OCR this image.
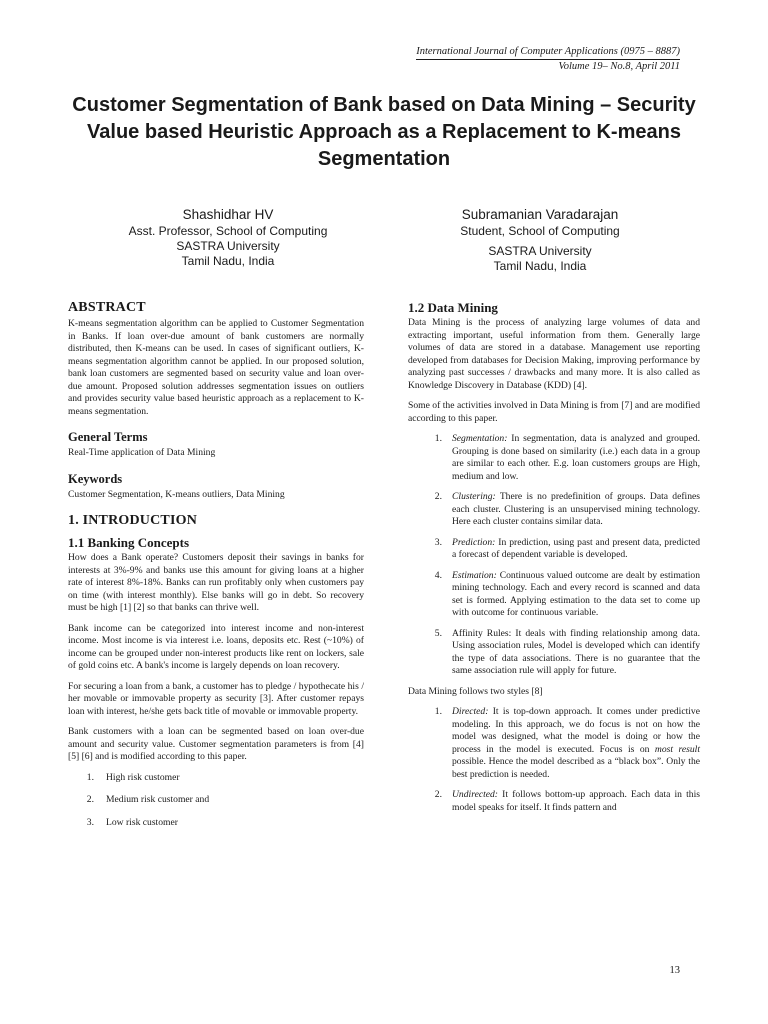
International Journal of Computer Applications (0975 – 8887)
Volume 19– No.8, April 2011
Customer Segmentation of Bank based on Data Mining – Security Value based Heuristic Approach as a Replacement to K-means Segmentation
Shashidhar HV
Asst. Professor, School of Computing
SASTRA University
Tamil Nadu, India
Subramanian Varadarajan
Student, School of Computing
SASTRA University
Tamil Nadu, India
ABSTRACT

K-means segmentation algorithm can be applied to Customer Segmentation in Banks. If loan over-due amount of bank customers are normally distributed, then K-means can be used. In cases of significant outliers, K-means segmentation algorithm cannot be applied. In our proposed solution, bank loan customers are segmented based on security value and loan over-due amount. Proposed solution addresses segmentation issues on outliers and provides security value based heuristic approach as a replacement to K-means segmentation.

General Terms

Real-Time application of Data Mining

Keywords

Customer Segmentation, K-means outliers, Data Mining

1. INTRODUCTION
1.1 Banking Concepts

How does a Bank operate? Customers deposit their savings in banks for interests at 3%-9% and banks use this amount for giving loans at a higher rate of interest 8%-18%. Banks can run profitably only when customers pay on time (with interest monthly). Else banks will go in debt. So recovery must be high [1] [2] so that banks can thrive well.

Bank income can be categorized into interest income and non-interest income. Most income is via interest i.e. loans, deposits etc. Rest (~10%) of income can be grouped under non-interest products like rent on lockers, sale of gold coins etc. A bank's income is largely depends on loan recovery.

For securing a loan from a bank, a customer has to pledge / hypothecate his / her movable or immovable property as security [3]. After customer repays loan with interest, he/she gets back title of movable or immovable property.

Bank customers with a loan can be segmented based on loan over-due amount and security value. Customer segmentation parameters is from [4] [5] [6] and is modified according to this paper.

1.	High risk customer
2.	Medium risk customer and
3.	Low risk customer
1.2 Data Mining

Data Mining is the process of analyzing large volumes of data and extracting important, useful information from them. Generally large volumes of data are stored in a database. Management use reporting developed from databases for Decision Making, improving performance by analyzing past successes / drawbacks and many more. It is also called as Knowledge Discovery in Database (KDD) [4].

Some of the activities involved in Data Mining is from [7] and are modified according to this paper.

1.	Segmentation: In segmentation, data is analyzed and grouped. Grouping is done based on similarity (i.e.) each data in a group are similar to each other. E.g. loan customers groups are High, medium and low.
2.	Clustering: There is no predefinition of groups. Data defines each cluster. Clustering is an unsupervised mining technology. Here each cluster contains similar data.
3.	Prediction: In prediction, using past and present data, predicted a forecast of dependent variable is developed.
4.	Estimation: Continuous valued outcome are dealt by estimation mining technology. Each and every record is scanned and data set is formed. Applying estimation to the data set to come up with outcome for continuous variable.
5.	Affinity Rules: It deals with finding relationship among data. Using association rules, Model is developed which can identify the type of data associations. There is no guarantee that the same association rule will apply for future.

Data Mining follows two styles [8]

1.	Directed: It is top-down approach. It comes under predictive modeling. In this approach, we do focus is not on how the model was designed, what the model is doing or how the process in the model is executed. Focus is on most result possible. Hence the model described as a “black box”. Only the best prediction is needed.
2.	Undirected: It follows bottom-up approach. Each data in this model speaks for itself. It finds pattern and
13
